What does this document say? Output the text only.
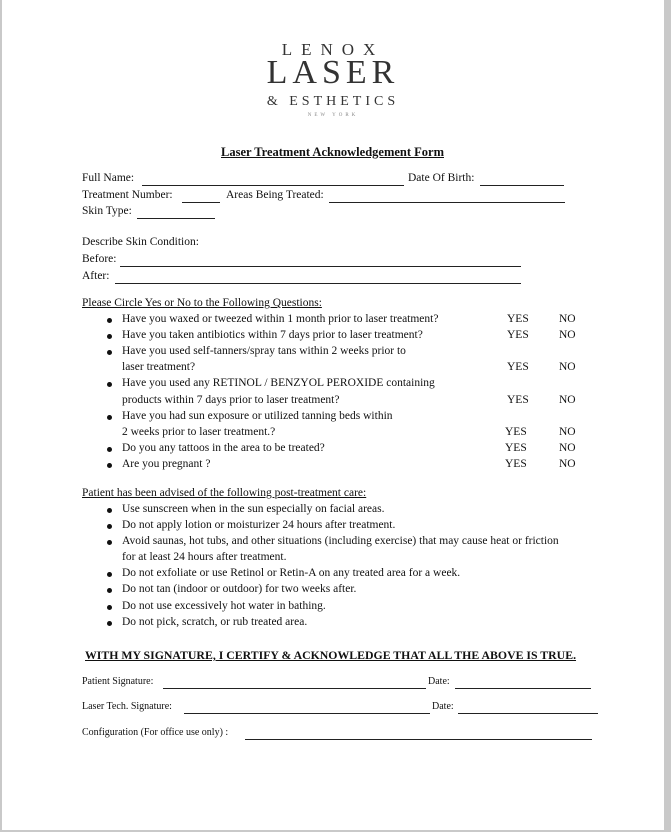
LENOX
LASER
& ESTHETICS
NEW YORK
Laser Treatment Acknowledgement Form
Full Name:	Date Of Birth:
Treatment Number:	Areas Being Treated:
Skin Type:
Describe Skin Condition:
Before:
After:
Please Circle Yes or No to the Following Questions:
Have you waxed or tweezed within 1 month prior to laser treatment?	YES	NO
Have you taken antibiotics within 7 days prior to laser treatment?	YES	NO
Have you used self-tanners/spray tans within 2 weeks prior to
laser treatment?	YES	NO
Have you used any RETINOL / BENZYOL PEROXIDE containing
products within 7 days prior to laser treatment?	YES	NO
Have you had sun exposure or utilized tanning beds within
2 weeks prior to laser treatment.?	YES	NO
Do you any tattoos in the area to be treated?	YES	NO
Are you pregnant ?	YES	NO
Patient has been advised of the following post-treatment care:
Use sunscreen when in the sun especially on facial areas.
Do not apply lotion or moisturizer 24 hours after treatment.
Avoid saunas, hot tubs, and other situations (including exercise) that may cause heat or friction
for at least 24 hours after treatment.
Do not exfoliate or use Retinol or Retin-A on any treated area for a week.
Do not tan (indoor or outdoor) for two weeks after.
Do not use excessively hot water in bathing.
Do not pick, scratch, or rub treated area.
WITH MY SIGNATURE, I CERTIFY & ACKNOWLEDGE THAT ALL THE ABOVE IS TRUE.
Patient Signature:	Date:
Laser Tech. Signature:	Date:
Configuration (For office use only) :
